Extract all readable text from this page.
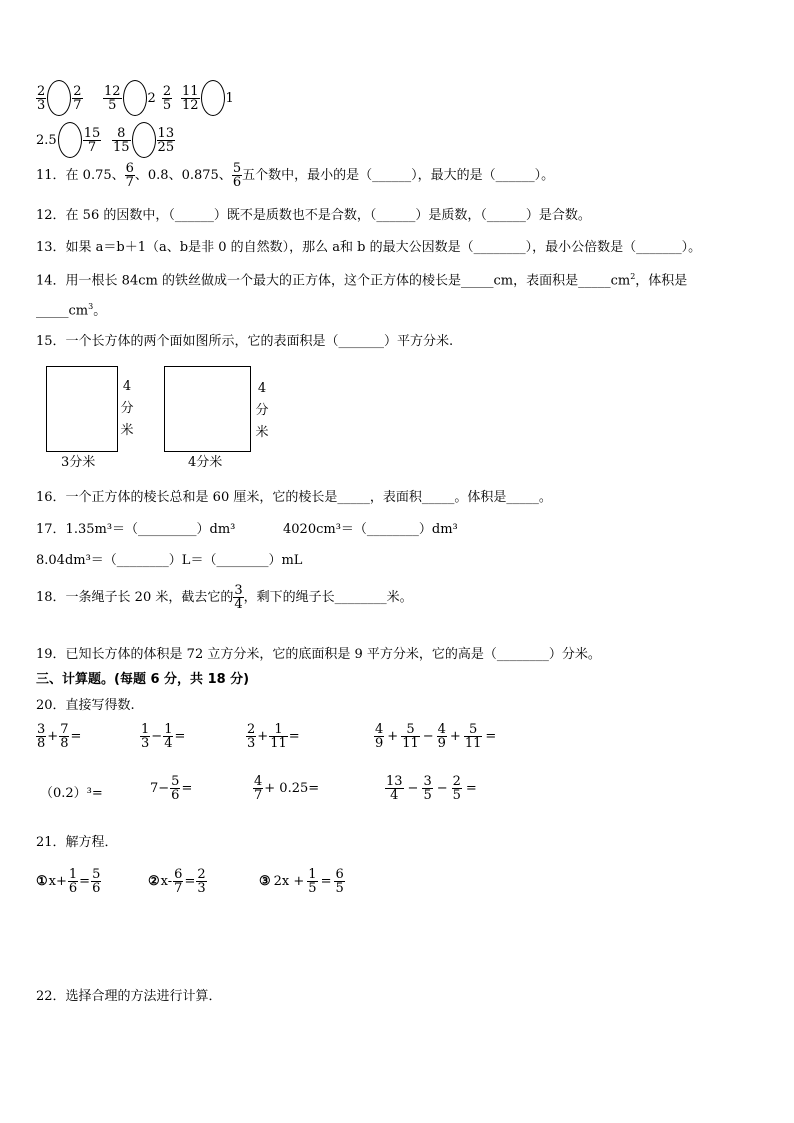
$\frac{2}{3} \frac{2}{7} \frac{12}{5} 2 \frac{2}{5} \frac{11}{12} 1$
$2.5 \frac{15}{7} \frac{8}{15} \frac{13}{25}$
11．在 0.75、 $\frac{6}{7}$ 、0.8、0.875、 $\frac{5}{6}$ 五个数中，最小的是（______），最大的是（______）。
12．在 56 的因数中，（______）既不是质数也不是合数，（______）是质数，（______）是合数。
13．如果 a＝b＋1（a、b是非 0 的自然数），那么 a和 b 的最大公因数是（________），最小公倍数是（_______）。
14．用一根长 84cm 的铁丝做成一个最大的正方体，这个正方体的棱长是_____cm，表面积是$\_\_\_\_\_cm^2$，体积是
$\_\_\_\_\_cm^3$。
15．一个长方体的两个面如图所示，它的表面积是（_______）平方分米.
4
分
米
3分米
4
分
米
4分米
16．一个正方体的棱长总和是 60 厘米，它的棱长是_____，表面积_____。体积是_____。
17．1.35m³＝（_________）dm³	4020cm³＝（________）dm³
8.04dm³＝（________）L＝（________）mL
18．一条绳子长 20 米，截去它的 $\frac{3}{4}$ ，剩下的绳子长________米。
19．已知长方体的体积是 72 立方分米，它的底面积是 9 平方分米，它的高是（________）分米。
三、计算题。(每题 6 分，共 18 分)
20．直接写得数.
$\frac{3}{8} + \frac{7}{8}$ =	$\frac{1}{3} - \frac{1}{4}$ =	$\frac{2}{3} + \frac{1}{11}$ =	$\frac{4}{9} + \frac{5}{11} - \frac{4}{9} + \frac{5}{11}$ =
（0.2）³=	$7- \frac{5}{6}$ =	$\frac{4}{7} + 0.25=$	$\frac{13}{4} - \frac{3}{5} - \frac{2}{5}$ =
21．解方程．
① $x+ \frac{1}{6} = \frac{5}{6}$	② $x- \frac{6}{7} = \frac{2}{3}$	③ $2x + \frac{1}{5} = \frac{6}{5}$
22．选择合理的方法进行计算．
